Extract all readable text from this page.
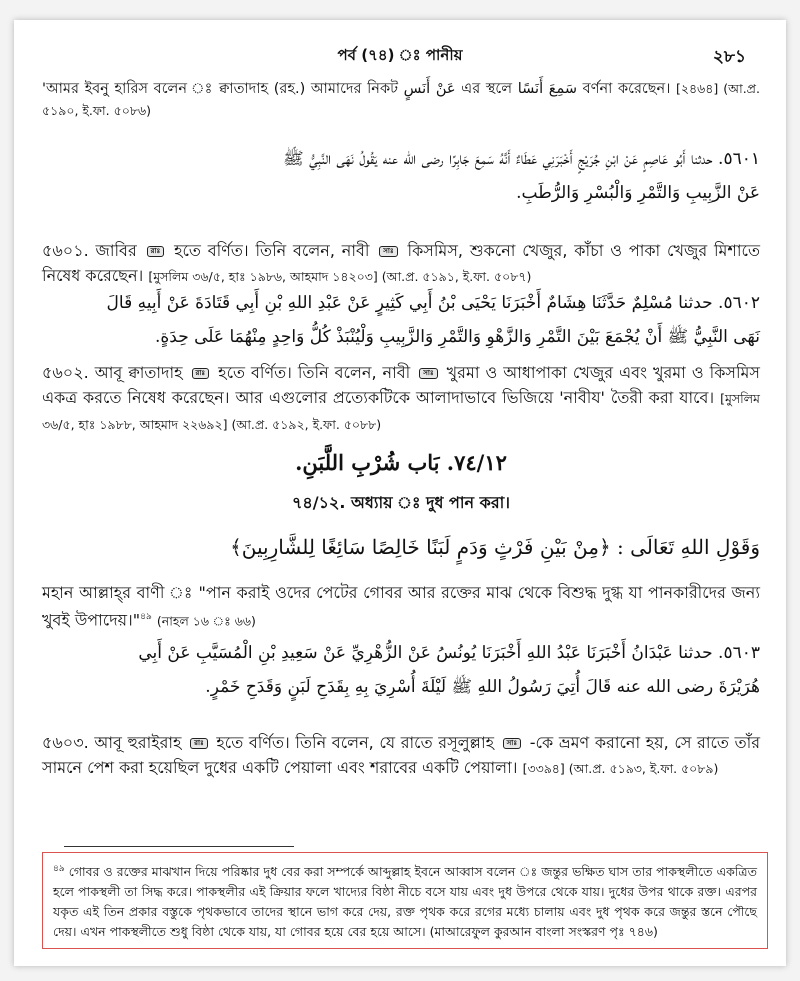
পর্ব (৭৪) ঃ পানীয়	২৮১
'আমর ইবনু হারিস বলেন ঃ ক্বাতাদাহ (রহ.) আমাদের নিকট عَنْ أَنَسٍ এর স্থলে سَمِعَ أَنَسًا বর্ণনা করেছেন। [২৪৬৪] (আ.প্র. ৫১৯০, ই.ফা. ৫০৮৬)
٥٦٠١. حدثنا أَبُو عَاصِمٍ عَنْ ابْنِ جُرَيْجٍ أَخْبَرَنِي عَطَاءٌ أَنَّهُ سَمِعَ جَابِرًا رضى الله عنه يَقُولُ نَهَى النَّبِيُّ ﷺ
عَنْ الزَّبِيبِ وَالتَّمْرِ وَالْبُسْرِ وَالرُّطَبِ.
৫৬০১. জাবির রাঃ হতে বর্ণিত। তিনি বলেন, নাবী সাঃ কিসমিস, শুকনো খেজুর, কাঁচা ও পাকা খেজুর মিশাতে নিষেধ করেছেন। [মুসলিম ৩৬/৫, হাঃ ১৯৮৬, আহমাদ ১৪২০৩] (আ.প্র. ৫১৯১, ই.ফা. ৫০৮৭)
٥٦٠٢. حدثنا مُسْلِمٌ حَدَّثَنَا هِشَامٌ أَخْبَرَنَا يَحْيَى بْنُ أَبِي كَثِيرٍ عَنْ عَبْدِ اللهِ بْنِ أَبِي قَتَادَةَ عَنْ أَبِيهِ قَالَ
نَهَى النَّبِيُّ ﷺ أَنْ يُجْمَعَ بَيْنَ التَّمْرِ وَالزَّهْوِ وَالتَّمْرِ وَالزَّبِيبِ وَلْيُنْبَذْ كُلُّ وَاحِدٍ مِنْهُمَا عَلَى حِدَةٍ.
৫৬০২. আবূ ক্বাতাদাহ রাঃ হতে বর্ণিত। তিনি বলেন, নাবী সাঃ খুরমা ও আধাপাকা খেজুর এবং খুরমা ও কিসমিস একত্র করতে নিষেধ করেছেন। আর এগুলোর প্রত্যেকটিকে আলাদাভাবে ভিজিয়ে 'নাবীয' তৈরী করা যাবে। [মুসলিম ৩৬/৫, হাঃ ১৯৮৮, আহমাদ ২২৬৯২] (আ.প্র. ৫১৯২, ই.ফা. ৫০৮৮)
٧٤/١٢. بَاب شُرْبِ اللَّبَنِ.
৭৪/১২. অধ্যায় ঃ দুধ পান করা।
وَقَوْلِ اللهِ تَعَالَى : ﴿مِنْ بَيْنِ فَرْثٍ وَدَمٍ لَبَنًا خَالِصًا سَائِغًا لِلشَّارِبِينَ﴾
মহান আল্লাহ্‌র বাণী ঃ "পান করাই ওদের পেটের গোবর আর রক্তের মাঝ থেকে বিশুদ্ধ দুগ্ধ যা পানকারীদের জন্য খুবই উপাদেয়।"$^{৪৯}$ (নাহল ১৬ ঃ ৬৬)
٥٦٠٣. حدثنا عَبْدَانُ أَخْبَرَنَا عَبْدُ اللهِ أَخْبَرَنَا يُونُسُ عَنْ الزُّهْرِيِّ عَنْ سَعِيدِ بْنِ الْمُسَيَّبِ عَنْ أَبِي
هُرَيْرَةَ رضى الله عنه قَالَ أُتِيَ رَسُولُ اللهِ ﷺ لَيْلَةَ أُسْرِيَ بِهِ بِقَدَحِ لَبَنٍ وَقَدَحِ خَمْرٍ.
৫৬০৩. আবূ হুরাইরাহ রাঃ হতে বর্ণিত। তিনি বলেন, যে রাতে রসূলুল্লাহ সাঃ -কে ভ্রমণ করানো হয়, সে রাতে তাঁর সামনে পেশ করা হয়েছিল দুধের একটি পেয়ালা এবং শরাবের একটি পেয়ালা। [৩৩৯৪] (আ.প্র. ৫১৯৩, ই.ফা. ৫০৮৯)
$^{৪৯}$ গোবর ও রক্তের মাঝখান দিয়ে পরিষ্কার দুধ বের করা সম্পর্কে আব্দুল্লাহ ইবনে আব্বাস বলেন ঃ জন্তুর ভক্ষিত ঘাস তার পাকস্থলীতে একত্রিত হলে পাকস্থলী তা সিদ্ধ করে। পাকস্থলীর এই ক্রিয়ার ফলে খাদ্যের বিষ্ঠা নীচে বসে যায় এবং দুধ উপরে থেকে যায়। দুধের উপর থাকে রক্ত। এরপর যকৃত এই তিন প্রকার বস্তুকে পৃথকভাবে তাদের স্থানে ভাগ করে দেয়, রক্ত পৃথক করে রগের মধ্যে চালায় এবং দুধ পৃথক করে জন্তুর স্তনে পৌছে দেয়। এখন পাকস্থলীতে শুধু বিষ্ঠা থেকে যায়, যা গোবর হয়ে বের হয়ে আসে। (মাআরেফুল কুরআন বাংলা সংস্করণ পৃঃ ৭৪৬)
